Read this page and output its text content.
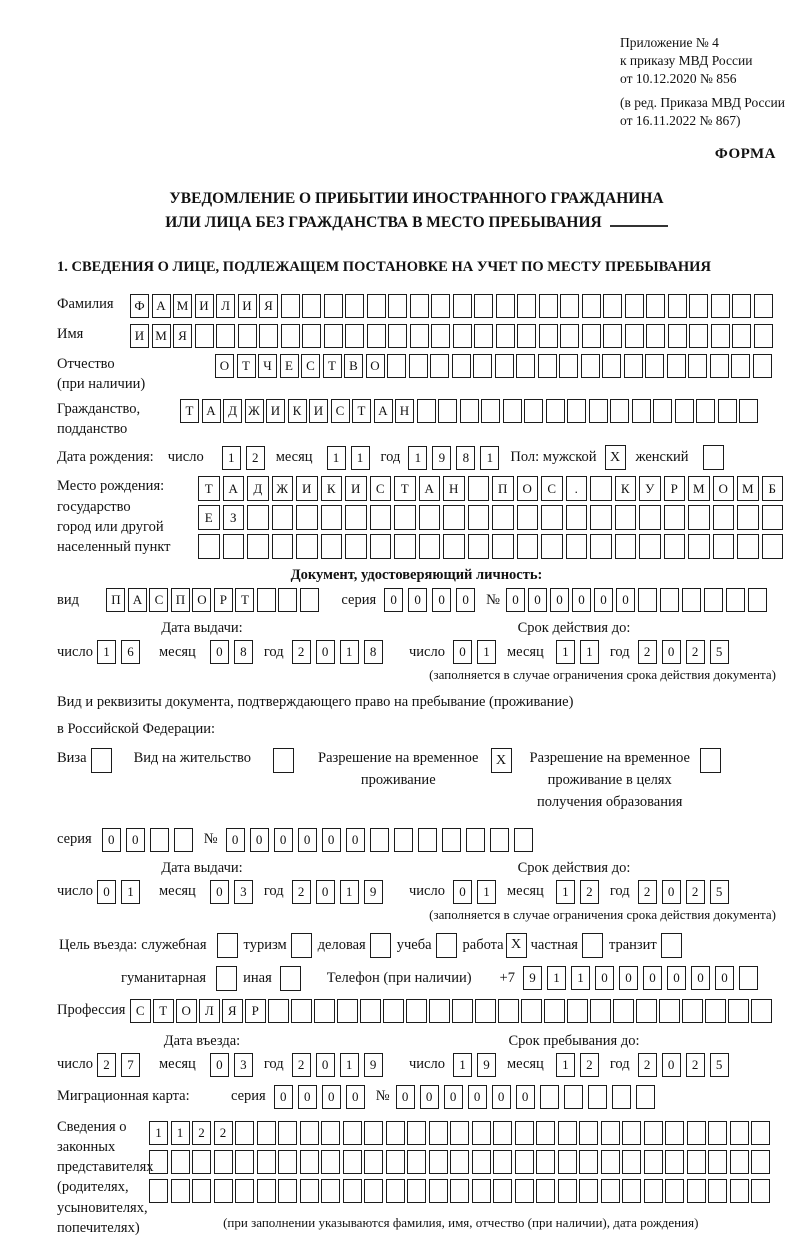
Приложение № 4
к приказу МВД России
от 10.12.2020 № 856
(в ред. Приказа МВД России
от 16.11.2022 № 867)
ФОРМА
УВЕДОМЛЕНИЕ О ПРИБЫТИИ ИНОСТРАННОГО ГРАЖДАНИНА
ИЛИ ЛИЦА БЕЗ ГРАЖДАНСТВА В МЕСТО ПРЕБЫВАНИЯ
1. СВЕДЕНИЯ О ЛИЦЕ, ПОДЛЕЖАЩЕМ ПОСТАНОВКЕ НА УЧЕТ ПО МЕСТУ ПРЕБЫВАНИЯ
Фамилия	Ф А М И Л И Я
Имя	И М Я
Отчество
(при наличии)
О Т	Ч	Е	С	Т	В О
Гражданство,
подданство
Т А Д Ж И К И С	Т А Н
Дата рождения: число	1	2	месяц	1	1	год	1	9	8	1	Пол: мужской X	женский
Место рождения:
государство
город или другой
населенный пункт
Т	А	Д	Ж	И	К	И	С	Т	А	Н	П	О	С	.	К	У	Р	М	О	М	Б
Е	З
Документ, удостоверяющий личность:
вид	П А С П О	Р	Т	серия	0	0	0	0	№ 0	0	0	0	0	0
Дата выдачи:
число 1	6	месяц	0	8	год	2	0	1	8
Срок действия до:
число	0	1	месяц	1	1	год	2	0	2	5
(заполняется в случае ограничения срока действия документа)
Вид и реквизиты документа, подтверждающего право на пребывание (проживание)
в Российской Федерации:
Виза	Вид на жительство	Разрешение на временное
проживание
X	Разрешение на временное
проживание в целях
получения образования
серия	0	0	№	0	0	0	0	0	0
Дата выдачи:
число 0	1	месяц	0	3	год	2	0	1	9
Срок действия до:
число	0	1	месяц	1	2	год	2	0	2	5
(заполняется в случае ограничения срока действия документа)
Цель въезда: служебная	туризм деловая учеба работа X частная транзит
гуманитарная	иная	Телефон (при наличии) +7	9	1	1	0	0	0	0	0	0
Профессия С	Т	О	Л	Я	Р
Дата въезда:
число 2	7	месяц	0	3	год	2	0	1	9
Срок пребывания до:
число	1	9	месяц	1	2	год	2	0	2	5
Миграционная карта:	серия	0	0	0	0	№ 0	0	0	0	0	0
Сведения о
законных
представителях
(родителях,
усыновителях,
попечителях)
1	1	2	2
(при заполнении указываются фамилия, имя, отчество (при наличии), дата рождения)
